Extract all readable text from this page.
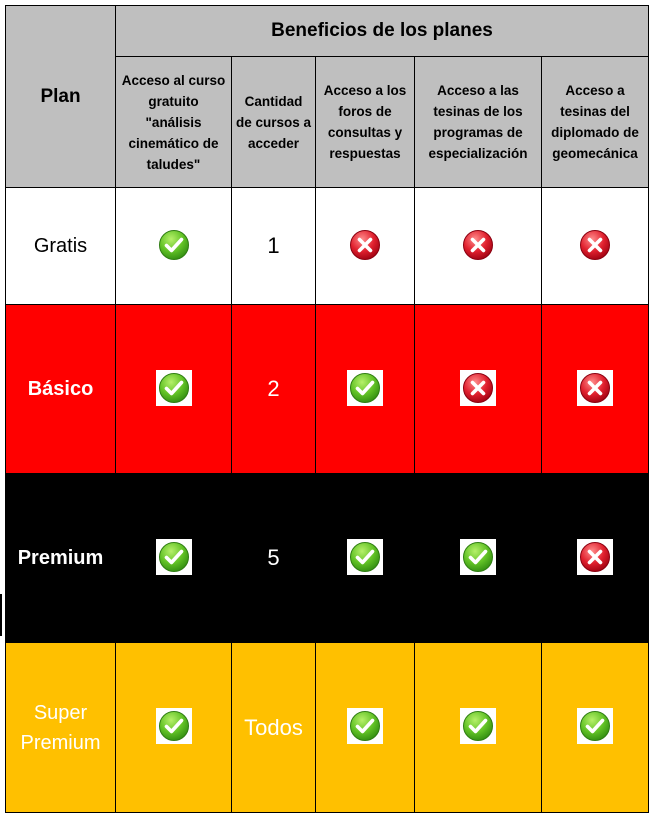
Plan	Beneficios de los planes				
	Acceso al curso gratuito "análisis cinemático de taludes"	Cantidad de cursos a acceder	Acceso a los foros de consultas y respuestas	Acceso a las tesinas de los programas de especialización	Acceso a tesinas del diplomado de geomecánica
Gratis		1	

Básico		2	

Premium		5	

Super Premium		Todos	
